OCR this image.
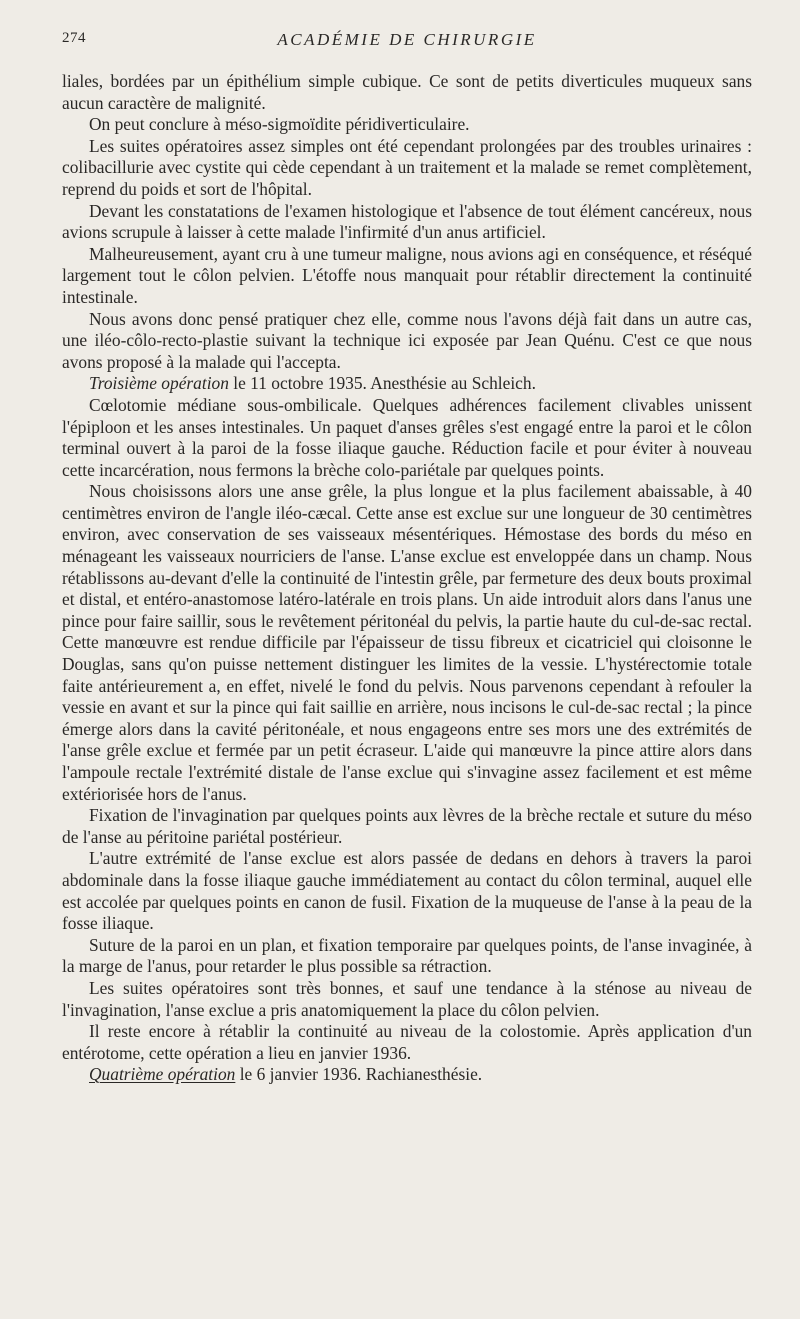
274	ACADÉMIE DE CHIRURGIE

liales, bordées par un épithélium simple cubique. Ce sont de petits diverticules muqueux sans aucun caractère de malignité.

On peut conclure à méso-sigmoïdite péridiverticulaire.

Les suites opératoires assez simples ont été cependant prolongées par des troubles urinaires : colibacillurie avec cystite qui cède cependant à un traitement et la malade se remet complètement, reprend du poids et sort de l'hôpital.

Devant les constatations de l'examen histologique et l'absence de tout élément cancéreux, nous avions scrupule à laisser à cette malade l'infirmité d'un anus artificiel.

Malheureusement, ayant cru à une tumeur maligne, nous avions agi en conséquence, et réséqué largement tout le côlon pelvien. L'étoffe nous manquait pour rétablir directement la continuité intestinale.

Nous avons donc pensé pratiquer chez elle, comme nous l'avons déjà fait dans un autre cas, une iléo-côlo-recto-plastie suivant la technique ici exposée par Jean Quénu. C'est ce que nous avons proposé à la malade qui l'accepta.

Troisième opération le 11 octobre 1935. Anesthésie au Schleich.

Cœlotomie médiane sous-ombilicale. Quelques adhérences facilement clivables unissent l'épiploon et les anses intestinales. Un paquet d'anses grêles s'est engagé entre la paroi et le côlon terminal ouvert à la paroi de la fosse iliaque gauche. Réduction facile et pour éviter à nouveau cette incarcération, nous fermons la brèche colo-pariétale par quelques points.

Nous choisissons alors une anse grêle, la plus longue et la plus facilement abaissable, à 40 centimètres environ de l'angle iléo-cæcal. Cette anse est exclue sur une longueur de 30 centimètres environ, avec conservation de ses vaisseaux mésentériques. Hémostase des bords du méso en ménageant les vaisseaux nourriciers de l'anse. L'anse exclue est enveloppée dans un champ. Nous rétablissons au-devant d'elle la continuité de l'intestin grêle, par fermeture des deux bouts proximal et distal, et entéro-anastomose latéro-latérale en trois plans. Un aide introduit alors dans l'anus une pince pour faire saillir, sous le revêtement péritonéal du pelvis, la partie haute du cul-de-sac rectal. Cette manœuvre est rendue difficile par l'épaisseur de tissu fibreux et cicatriciel qui cloisonne le Douglas, sans qu'on puisse nettement distinguer les limites de la vessie. L'hystérectomie totale faite antérieurement a, en effet, nivelé le fond du pelvis. Nous parvenons cependant à refouler la vessie en avant et sur la pince qui fait saillie en arrière, nous incisons le cul-de-sac rectal ; la pince émerge alors dans la cavité péritonéale, et nous engageons entre ses mors une des extrémités de l'anse grêle exclue et fermée par un petit écraseur. L'aide qui manœuvre la pince attire alors dans l'ampoule rectale l'extrémité distale de l'anse exclue qui s'invagine assez facilement et est même extériorisée hors de l'anus.

Fixation de l'invagination par quelques points aux lèvres de la brèche rectale et suture du méso de l'anse au péritoine pariétal postérieur.

L'autre extrémité de l'anse exclue est alors passée de dedans en dehors à travers la paroi abdominale dans la fosse iliaque gauche immédiatement au contact du côlon terminal, auquel elle est accolée par quelques points en canon de fusil. Fixation de la muqueuse de l'anse à la peau de la fosse iliaque.

Suture de la paroi en un plan, et fixation temporaire par quelques points, de l'anse invaginée, à la marge de l'anus, pour retarder le plus possible sa rétraction.

Les suites opératoires sont très bonnes, et sauf une tendance à la sténose au niveau de l'invagination, l'anse exclue a pris anatomiquement la place du côlon pelvien.

Il reste encore à rétablir la continuité au niveau de la colostomie. Après application d'un entérotome, cette opération a lieu en janvier 1936.

Quatrième opération le 6 janvier 1936. Rachianesthésie.
